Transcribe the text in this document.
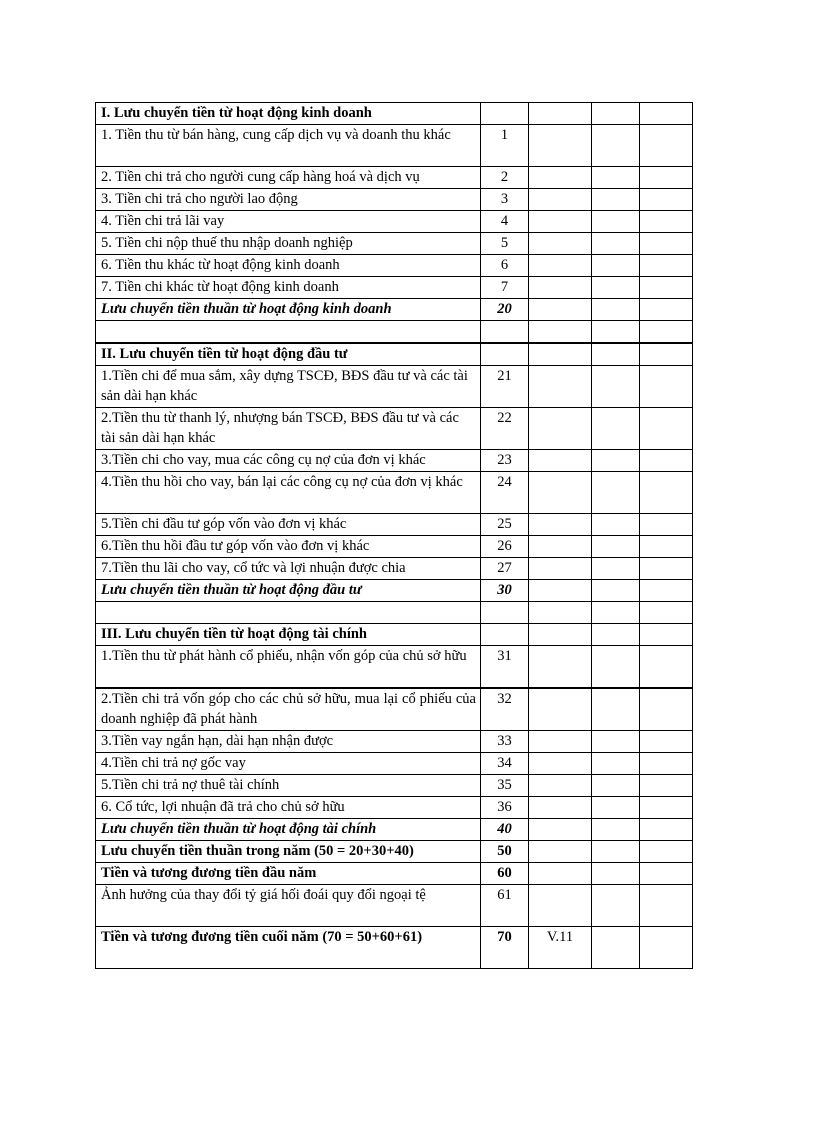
I. Lưu chuyển tiền từ hoạt động kinh doanh				
1. Tiền thu từ bán hàng, cung cấp dịch vụ và doanh thu khác	1			
2. Tiền chi trả cho người cung cấp hàng hoá và dịch vụ	2			
3. Tiền chi trả cho người lao động	3			
4. Tiền chi trả lãi vay	4			
5. Tiền chi nộp thuế thu nhập doanh nghiệp	5			
6. Tiền thu khác từ hoạt động kinh doanh	6			
7. Tiền chi khác từ hoạt động kinh doanh	7			
Lưu chuyển tiền thuần từ hoạt động kinh doanh	20			

II. Lưu chuyển tiền từ hoạt động đầu tư				
1.Tiền chi để mua sắm, xây dựng TSCĐ, BĐS đầu tư và các tài sản dài hạn khác	21			
2.Tiền thu từ thanh lý, nhượng bán TSCĐ, BĐS đầu tư và các tài sản dài hạn khác	22			
3.Tiền chi cho vay, mua các công cụ nợ của đơn vị khác	23			
4.Tiền thu hồi cho vay, bán lại các công cụ nợ của đơn vị khác	24			
5.Tiền chi đầu tư góp vốn vào đơn vị khác	25			
6.Tiền thu hồi đầu tư góp vốn vào đơn vị khác	26			
7.Tiền thu lãi cho vay, cổ tức và lợi nhuận được chia	27			
Lưu chuyển tiền thuần từ hoạt động đầu tư	30			

III. Lưu chuyển tiền từ hoạt động tài chính				
1.Tiền thu từ phát hành cổ phiếu, nhận vốn góp của chủ sở hữu	31			
2.Tiền chi trả vốn góp cho các chủ sở hữu, mua lại cổ phiếu của doanh nghiệp đã phát hành	32			
3.Tiền vay ngắn hạn, dài hạn nhận được	33			
4.Tiền chi trả nợ gốc vay	34			
5.Tiền chi trả nợ thuê tài chính	35			
6. Cổ tức, lợi nhuận đã trả cho chủ sở hữu	36			
Lưu chuyển tiền thuần từ hoạt động tài chính	40			
Lưu chuyển tiền thuần trong năm (50 = 20+30+40)	50			
Tiền và tương đương tiền đầu năm	60			
Ảnh hưởng của thay đổi tỷ giá hối đoái quy đổi ngoại tệ	61			
Tiền và tương đương tiền cuối năm (70 = 50+60+61)	70	V.11		
